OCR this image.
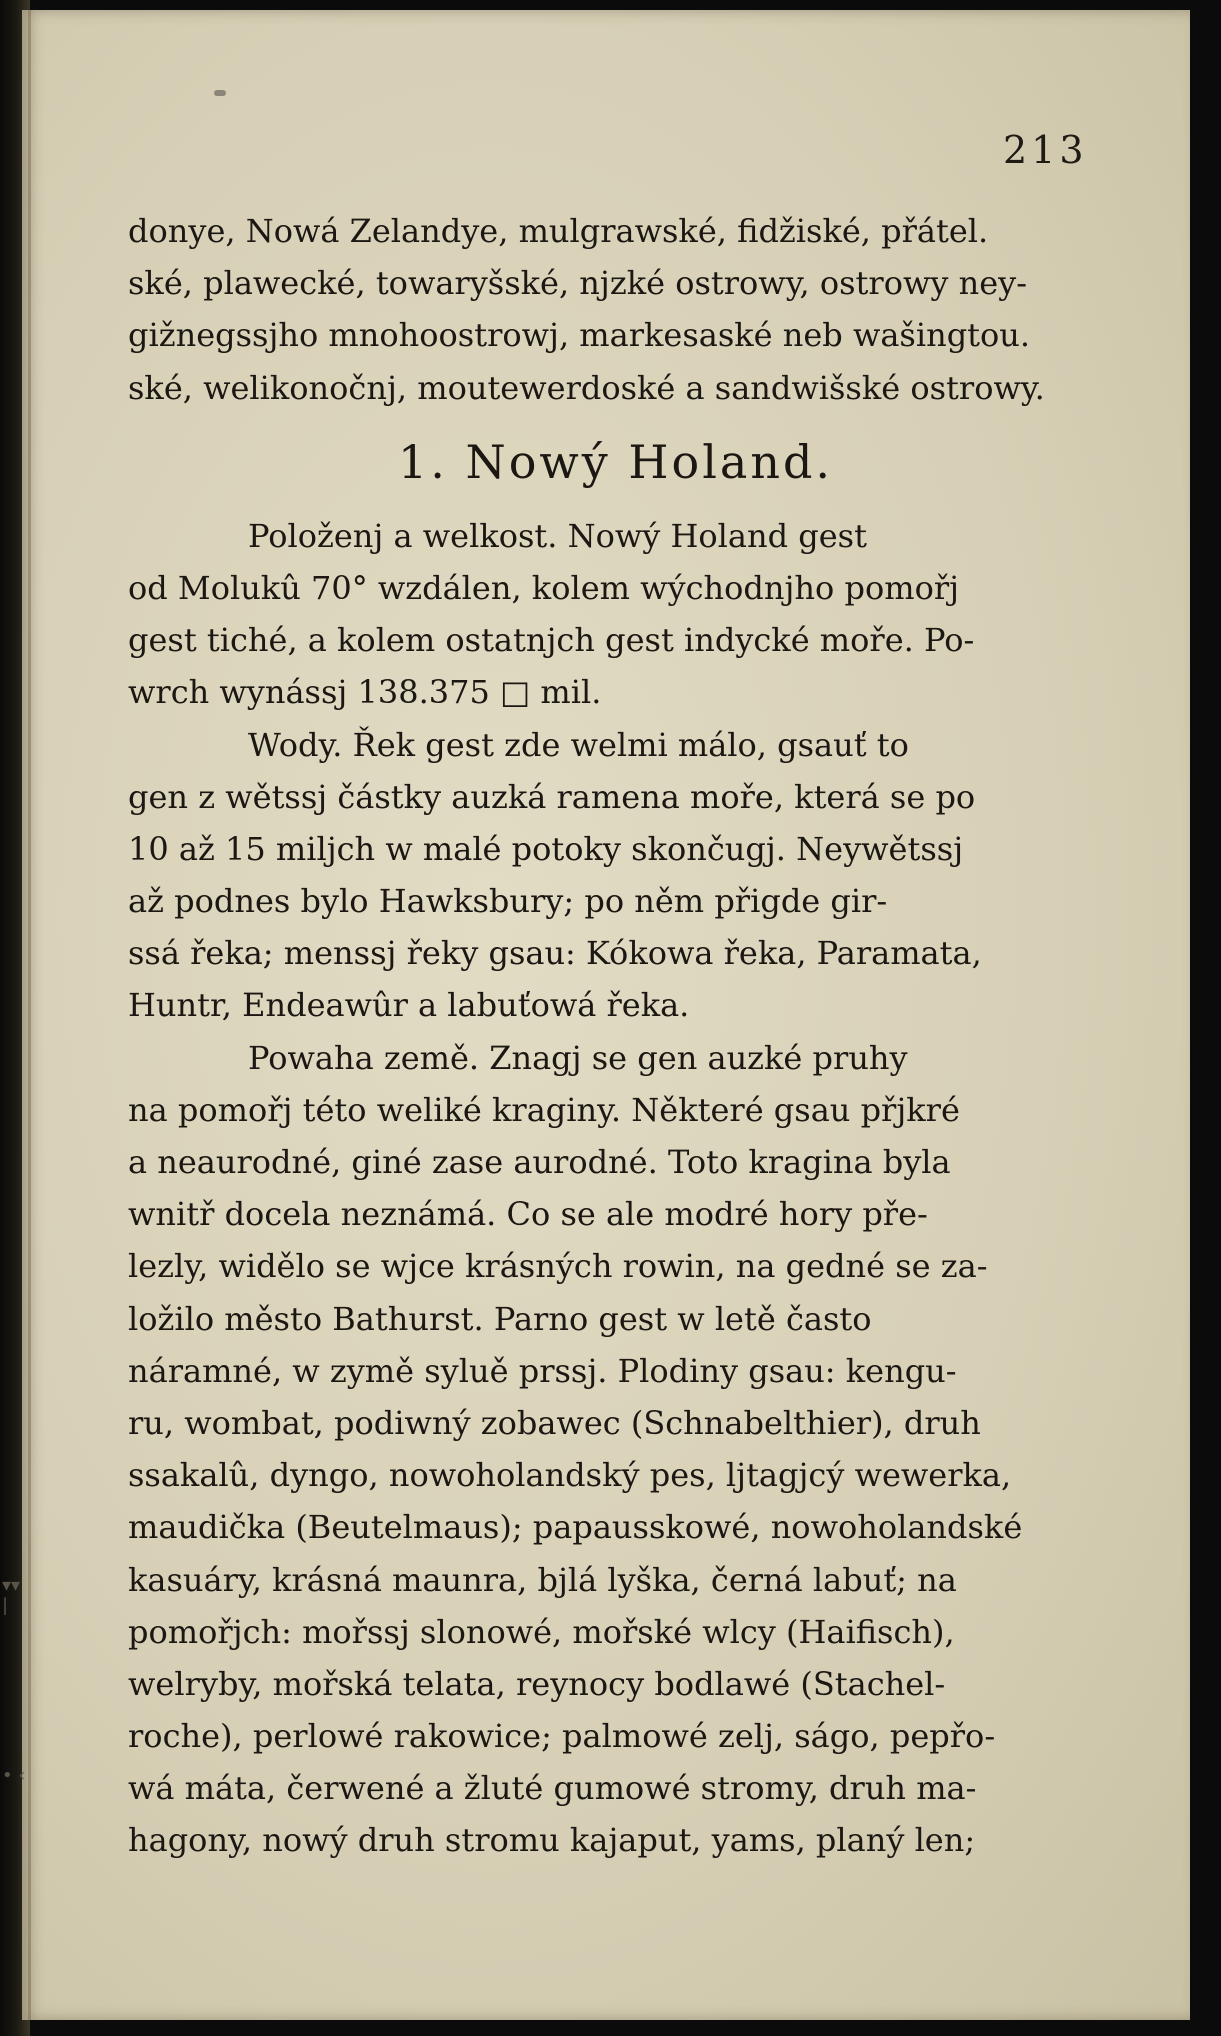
213
donye, Nowá Zelandye, mulgrawské, fidžiské, přátel.
ské, plawecké, towaryšské, njzké ostrowy, ostrowy ney-
gižnegssjho mnohoostrowj, markesaské neb wašingtou.
ské, welikonočnj, moutewerdoské a sandwišské ostrowy.
1. Nowý Holand.
Položenj a welkost. Nowý Holand gest
od Molukû 70° wzdálen, kolem wýchodnjho pomořj
gest tiché, a kolem ostatnjch gest indycké moře. Po-
wrch wynássj 138.375 □ mil.
Wody. Řek gest zde welmi málo, gsauť to
gen z wětssj částky auzká ramena moře, která se po
10 až 15 miljch w malé potoky skončugj. Neywětssj
až podnes bylo Hawksbury; po něm přigde gir-
ssá řeka; menssj řeky gsau: Kókowa řeka, Paramata,
Huntr, Endeawûr a labuťowá řeka.
Powaha země. Znagj se gen auzké pruhy
na pomořj této weliké kraginy. Některé gsau přjkré
a neaurodné, giné zase aurodné. Toto kragina byla
wnitř docela neznámá. Co se ale modré hory pře-
lezly, widělo se wjce krásných rowin, na gedné se za-
ložilo město Bathurst. Parno gest w letě často
náramné, w zymě syluě prssj. Plodiny gsau: kengu-
ru, wombat, podiwný zobawec (Schnabelthier), druh
ssakalû, dyngo, nowoholandský pes, ljtagjcý wewerka,
maudička (Beutelmaus); papausskowé, nowoholandské
kasuáry, krásná maunra, bjlá lyška, černá labuť; na
pomořjch: mořssj slonowé, mořské wlcy (Haifisch),
welryby, mořská telata, reynocy bodlawé (Stachel-
roche), perlowé rakowice; palmowé zelj, ságo, pepřo-
wá máta, čerwené a žluté gumowé stromy, druh ma-
hagony, nowý druh stromu kajaput, yams, planý len;
▾▾
|
• ‹
